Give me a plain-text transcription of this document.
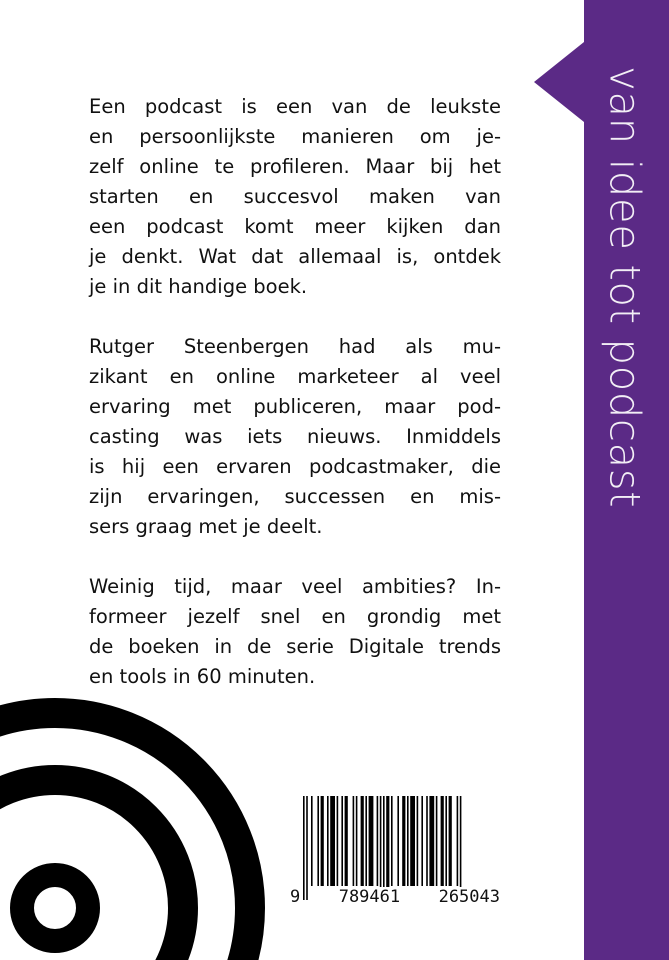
van idee tot podcast

Een podcast is een van de leukste
en persoonlijkste manieren om je-
zelf online te profileren. Maar bij het
starten en succesvol maken van
een podcast komt meer kijken dan
je denkt. Wat dat allemaal is, ontdek
je in dit handige boek.

Rutger Steenbergen had als mu-
zikant en online marketeer al veel
ervaring met publiceren, maar pod-
casting was iets nieuws. Inmiddels
is hij een ervaren podcastmaker, die
zijn ervaringen, successen en mis-
sers graag met je deelt.

Weinig tijd, maar veel ambities? In-
formeer jezelf snel en grondig met
de boeken in de serie Digitale trends
en tools in 60 minuten.

9 789461 265043
